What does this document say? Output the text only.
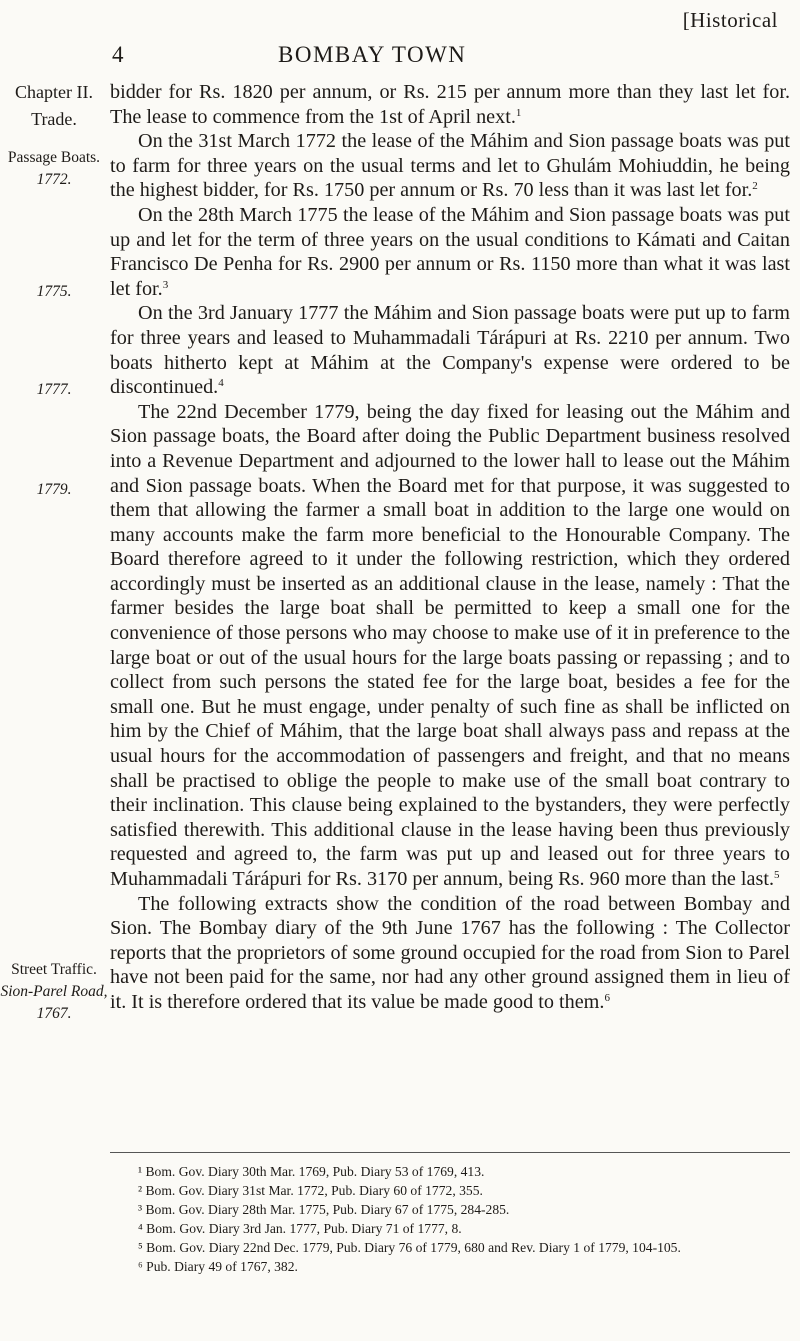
[Historical
4	BOMBAY TOWN
Chapter II.
Trade.
Passage Boats.
1772.
1775.
1777.
1779.
Street Traffic.
Sion-Parel Road,
1767.

bidder for Rs. 1820 per annum, or Rs. 215 per annum more than they last let for. The lease to commence from the 1st of April next.$^1$

On the 31st March 1772 the lease of the Máhim and Sion passage boats was put to farm for three years on the usual terms and let to Ghulám Mohiuddin, he being the highest bidder, for Rs. 1750 per annum or Rs. 70 less than it was last let for.$^2$

On the 28th March 1775 the lease of the Máhim and Sion passage boats was put up and let for the term of three years on the usual conditions to Kámati and Caitan Francisco De Penha for Rs. 2900 per annum or Rs. 1150 more than what it was last let for.$^3$

On the 3rd January 1777 the Máhim and Sion passage boats were put up to farm for three years and leased to Muhammadali Tárápuri at Rs. 2210 per annum. Two boats hitherto kept at Máhim at the Company's expense were ordered to be discontinued.$^4$

The 22nd December 1779, being the day fixed for leasing out the Máhim and Sion passage boats, the Board after doing the Public Department business resolved into a Revenue Department and adjourned to the lower hall to lease out the Máhim and Sion passage boats. When the Board met for that purpose, it was suggested to them that allowing the farmer a small boat in addition to the large one would on many accounts make the farm more beneficial to the Honourable Company. The Board therefore agreed to it under the following restriction, which they ordered accordingly must be inserted as an additional clause in the lease, namely : That the farmer besides the large boat shall be permitted to keep a small one for the convenience of those persons who may choose to make use of it in preference to the large boat or out of the usual hours for the large boats passing or repassing ; and to collect from such persons the stated fee for the large boat, besides a fee for the small one. But he must engage, under penalty of such fine as shall be inflicted on him by the Chief of Máhim, that the large boat shall always pass and repass at the usual hours for the accommodation of passengers and freight, and that no means shall be practised to oblige the people to make use of the small boat contrary to their inclination. This clause being explained to the bystanders, they were perfectly satisfied therewith. This additional clause in the lease having been thus previously requested and agreed to, the farm was put up and leased out for three years to Muhammadali Tárápuri for Rs. 3170 per annum, being Rs. 960 more than the last.$^5$

The following extracts show the condition of the road between Bombay and Sion. The Bombay diary of the 9th June 1767 has the following : The Collector reports that the proprietors of some ground occupied for the road from Sion to Parel have not been paid for the same, nor had any other ground assigned them in lieu of it. It is therefore ordered that its value be made good to them.$^6$

¹ Bom. Gov. Diary 30th Mar. 1769, Pub. Diary 53 of 1769, 413.
² Bom. Gov. Diary 31st Mar. 1772, Pub. Diary 60 of 1772, 355.
³ Bom. Gov. Diary 28th Mar. 1775, Pub. Diary 67 of 1775, 284-285.
⁴ Bom. Gov. Diary 3rd Jan. 1777, Pub. Diary 71 of 1777, 8.
⁵ Bom. Gov. Diary 22nd Dec. 1779, Pub. Diary 76 of 1779, 680 and Rev. Diary 1 of 1779, 104-105.
⁶ Pub. Diary 49 of 1767, 382.
